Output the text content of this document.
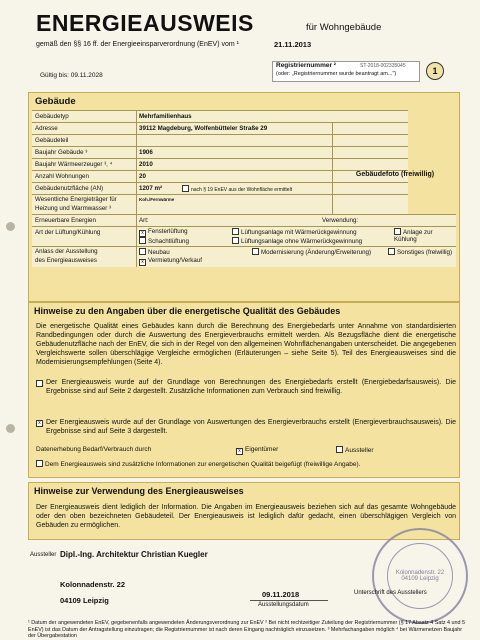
ENERGIEAUSWEIS	für Wohngebäude
gemäß den §§ 16 ff. der Energieeinsparverordnung (EnEV) vom ¹	21.11.2013
Registriernummer ²	ST-2018-002335045
(oder: „Registriernummer wurde beantragt am...")	1
Gültig bis: 09.11.2028
Gebäude
Gebäudetyp	Mehrfamilienhaus
Adresse	39112 Magdeburg, Wolfenbütteler Straße 29
Gebäudeteil
Baujahr Gebäude ³	1906
Baujahr Wärmeerzeuger ³, ⁴	2010
Anzahl Wohnungen	20
Gebäudenutzfläche (AN)	1207 m²	nach § 19 EnEV aus der Wohnfläche ermittelt
Wesentliche Energieträger für
Heizung und Warmwasser ³
Koh./Fernwärme
Gebäudefoto (freiwillig)
Erneuerbare Energien	Art:	Verwendung:
Art der Lüftung/Kühlung	x Fensterlüftung	Lüftungsanlage mit Wärmerückgewinnung	Anlage zur Kühlung
Schachtlüftung	Lüftungsanlage ohne Wärmerückgewinnung
Anlass der Ausstellung
des Energieausweises
Neubau	Modernisierung (Änderung/Erweiterung)	Sonstiges (freiwillig)
x Vermietung/Verkauf
Hinweise zu den Angaben über die energetische Qualität des Gebäudes
Die energetische Qualität eines Gebäudes kann durch die Berechnung des Energiebedarfs unter Annahme von standardisierten Randbedingungen oder durch die Auswertung des Energieverbrauchs ermittelt werden. Als Bezugsfläche dient die energetische Gebäudenutzfläche nach der EnEV, die sich in der Regel von den allgemeinen Wohnflächenangaben unterscheidet. Die angegebenen Vergleichswerte sollen überschlägige Vergleiche ermöglichen (Erläuterungen – siehe Seite 5). Teil des Energieausweises sind die Modernisierungsempfehlungen (Seite 4).
Der Energieausweis wurde auf der Grundlage von Berechnungen des Energiebedarfs erstellt (Energiebedarfsausweis). Die Ergebnisse sind auf Seite 2 dargestellt. Zusätzliche Informationen zum Verbrauch sind freiwillig.
x Der Energieausweis wurde auf der Grundlage von Auswertungen des Energieverbrauchs erstellt (Energieverbrauchsausweis). Die Ergebnisse sind auf Seite 3 dargestellt.
Datenerhebung Bedarf/Verbrauch durch	x Eigentümer	Aussteller
Dem Energieausweis sind zusätzliche Informationen zur energetischen Qualität beigefügt (freiwillige Angabe).
Hinweise zur Verwendung des Energieausweises
Der Energieausweis dient lediglich der Information. Die Angaben im Energieausweis beziehen sich auf das gesamte Wohngebäude oder den oben bezeichneten Gebäudeteil. Der Energieausweis ist lediglich dafür gedacht, einen überschlägigen Vergleich von Gebäuden zu ermöglichen.
Aussteller Dipl.-Ing. Architektur Christian Kuegler
Kolonnadenstr. 22
04109 Leipzig
09.11.2018
Ausstellungsdatum
Kolonnadenstr. 22 04109 Leipzig
Unterschrift des Ausstellers
¹ Datum der angewendeten EnEV, gegebenenfalls angewendeten Änderungsverordnung zur EnEV ² Bei nicht rechtzeitiger Zuteilung der Registriernummer (§ 17 Absatz 4 Satz 4 und 5 EnEV) ist das Datum der Antragstellung einzutragen; die Registriernummer ist nach deren Eingang nachträglich einzusetzen. ³ Mehrfachangaben möglich ⁴ bei Wärmenetzen Baujahr der Übergabestation
